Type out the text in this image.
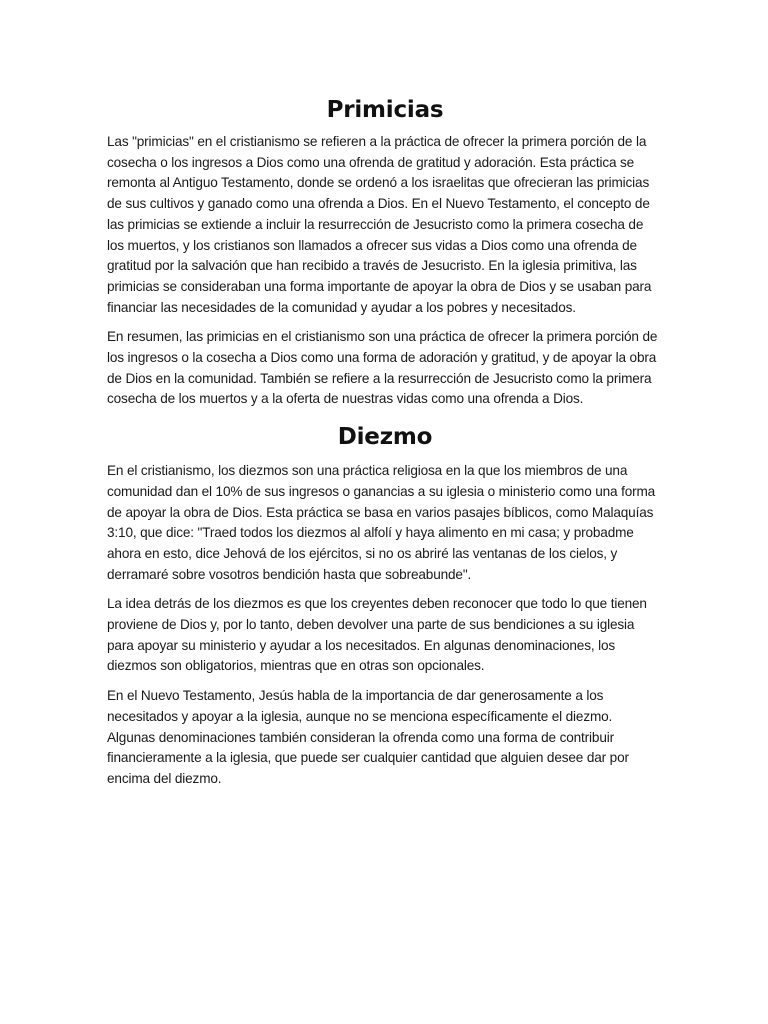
Primicias

Las "primicias" en el cristianismo se refieren a la práctica de ofrecer la primera porción de la cosecha o los ingresos a Dios como una ofrenda de gratitud y adoración. Esta práctica se remonta al Antiguo Testamento, donde se ordenó a los israelitas que ofrecieran las primicias de sus cultivos y ganado como una ofrenda a Dios. En el Nuevo Testamento, el concepto de las primicias se extiende a incluir la resurrección de Jesucristo como la primera cosecha de los muertos, y los cristianos son llamados a ofrecer sus vidas a Dios como una ofrenda de gratitud por la salvación que han recibido a través de Jesucristo. En la iglesia primitiva, las primicias se consideraban una forma importante de apoyar la obra de Dios y se usaban para financiar las necesidades de la comunidad y ayudar a los pobres y necesitados.

En resumen, las primicias en el cristianismo son una práctica de ofrecer la primera porción de los ingresos o la cosecha a Dios como una forma de adoración y gratitud, y de apoyar la obra de Dios en la comunidad. También se refiere a la resurrección de Jesucristo como la primera cosecha de los muertos y a la oferta de nuestras vidas como una ofrenda a Dios.

Diezmo

En el cristianismo, los diezmos son una práctica religiosa en la que los miembros de una comunidad dan el 10% de sus ingresos o ganancias a su iglesia o ministerio como una forma de apoyar la obra de Dios. Esta práctica se basa en varios pasajes bíblicos, como Malaquías 3:10, que dice: "Traed todos los diezmos al alfolí y haya alimento en mi casa; y probadme ahora en esto, dice Jehová de los ejércitos, si no os abriré las ventanas de los cielos, y derramaré sobre vosotros bendición hasta que sobreabunde".

La idea detrás de los diezmos es que los creyentes deben reconocer que todo lo que tienen proviene de Dios y, por lo tanto, deben devolver una parte de sus bendiciones a su iglesia para apoyar su ministerio y ayudar a los necesitados. En algunas denominaciones, los diezmos son obligatorios, mientras que en otras son opcionales.

En el Nuevo Testamento, Jesús habla de la importancia de dar generosamente a los necesitados y apoyar a la iglesia, aunque no se menciona específicamente el diezmo. Algunas denominaciones también consideran la ofrenda como una forma de contribuir financieramente a la iglesia, que puede ser cualquier cantidad que alguien desee dar por encima del diezmo.
